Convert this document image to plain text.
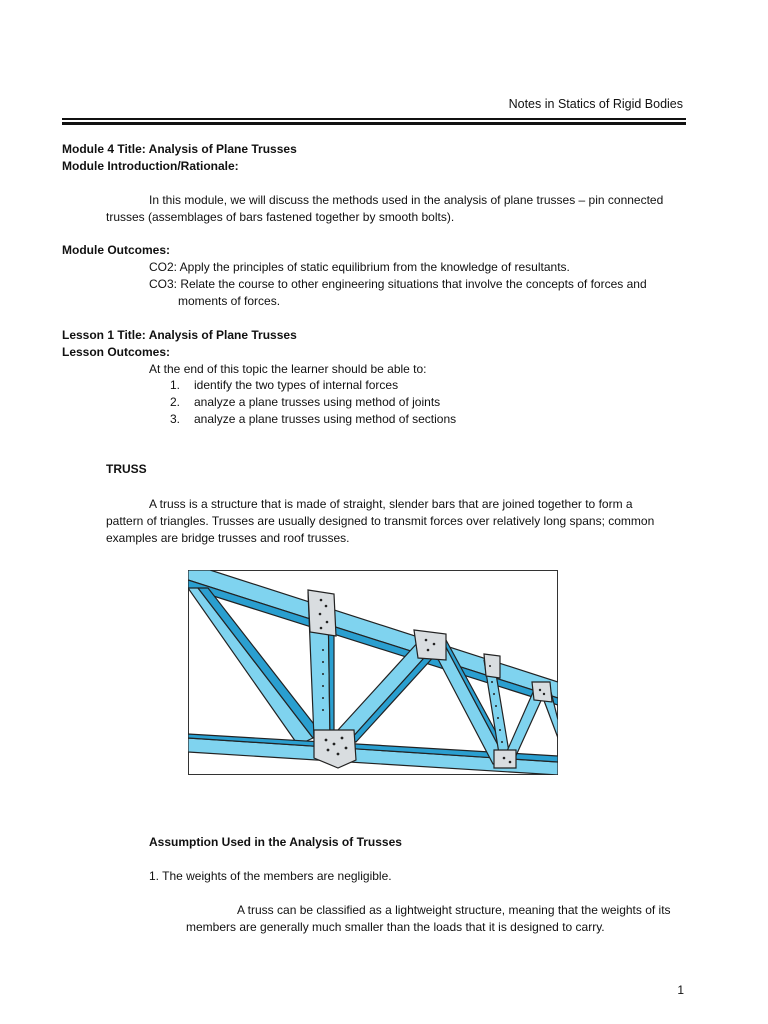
Notes in Statics of Rigid Bodies
Module 4 Title: Analysis of Plane Trusses
Module Introduction/Rationale:
In this module, we will discuss the methods used in the analysis of plane trusses – pin connected
trusses (assemblages of bars fastened together by smooth bolts).
Module Outcomes:
CO2: Apply the principles of static equilibrium from the knowledge of resultants.
CO3: Relate the course to other engineering situations that involve the concepts of forces and
moments of forces.
Lesson 1 Title: Analysis of Plane Trusses
Lesson Outcomes:
At the end of this topic the learner should be able to:
1. identify the two types of internal forces
2. analyze a plane trusses using method of joints
3. analyze a plane trusses using method of sections
TRUSS
A truss is a structure that is made of straight, slender bars that are joined together to form a
pattern of triangles. Trusses are usually designed to transmit forces over relatively long spans; common
examples are bridge trusses and roof trusses.
Assumption Used in the Analysis of Trusses
1. The weights of the members are negligible.
A truss can be classified as a lightweight structure, meaning that the weights of its
members are generally much smaller than the loads that it is designed to carry.
1
